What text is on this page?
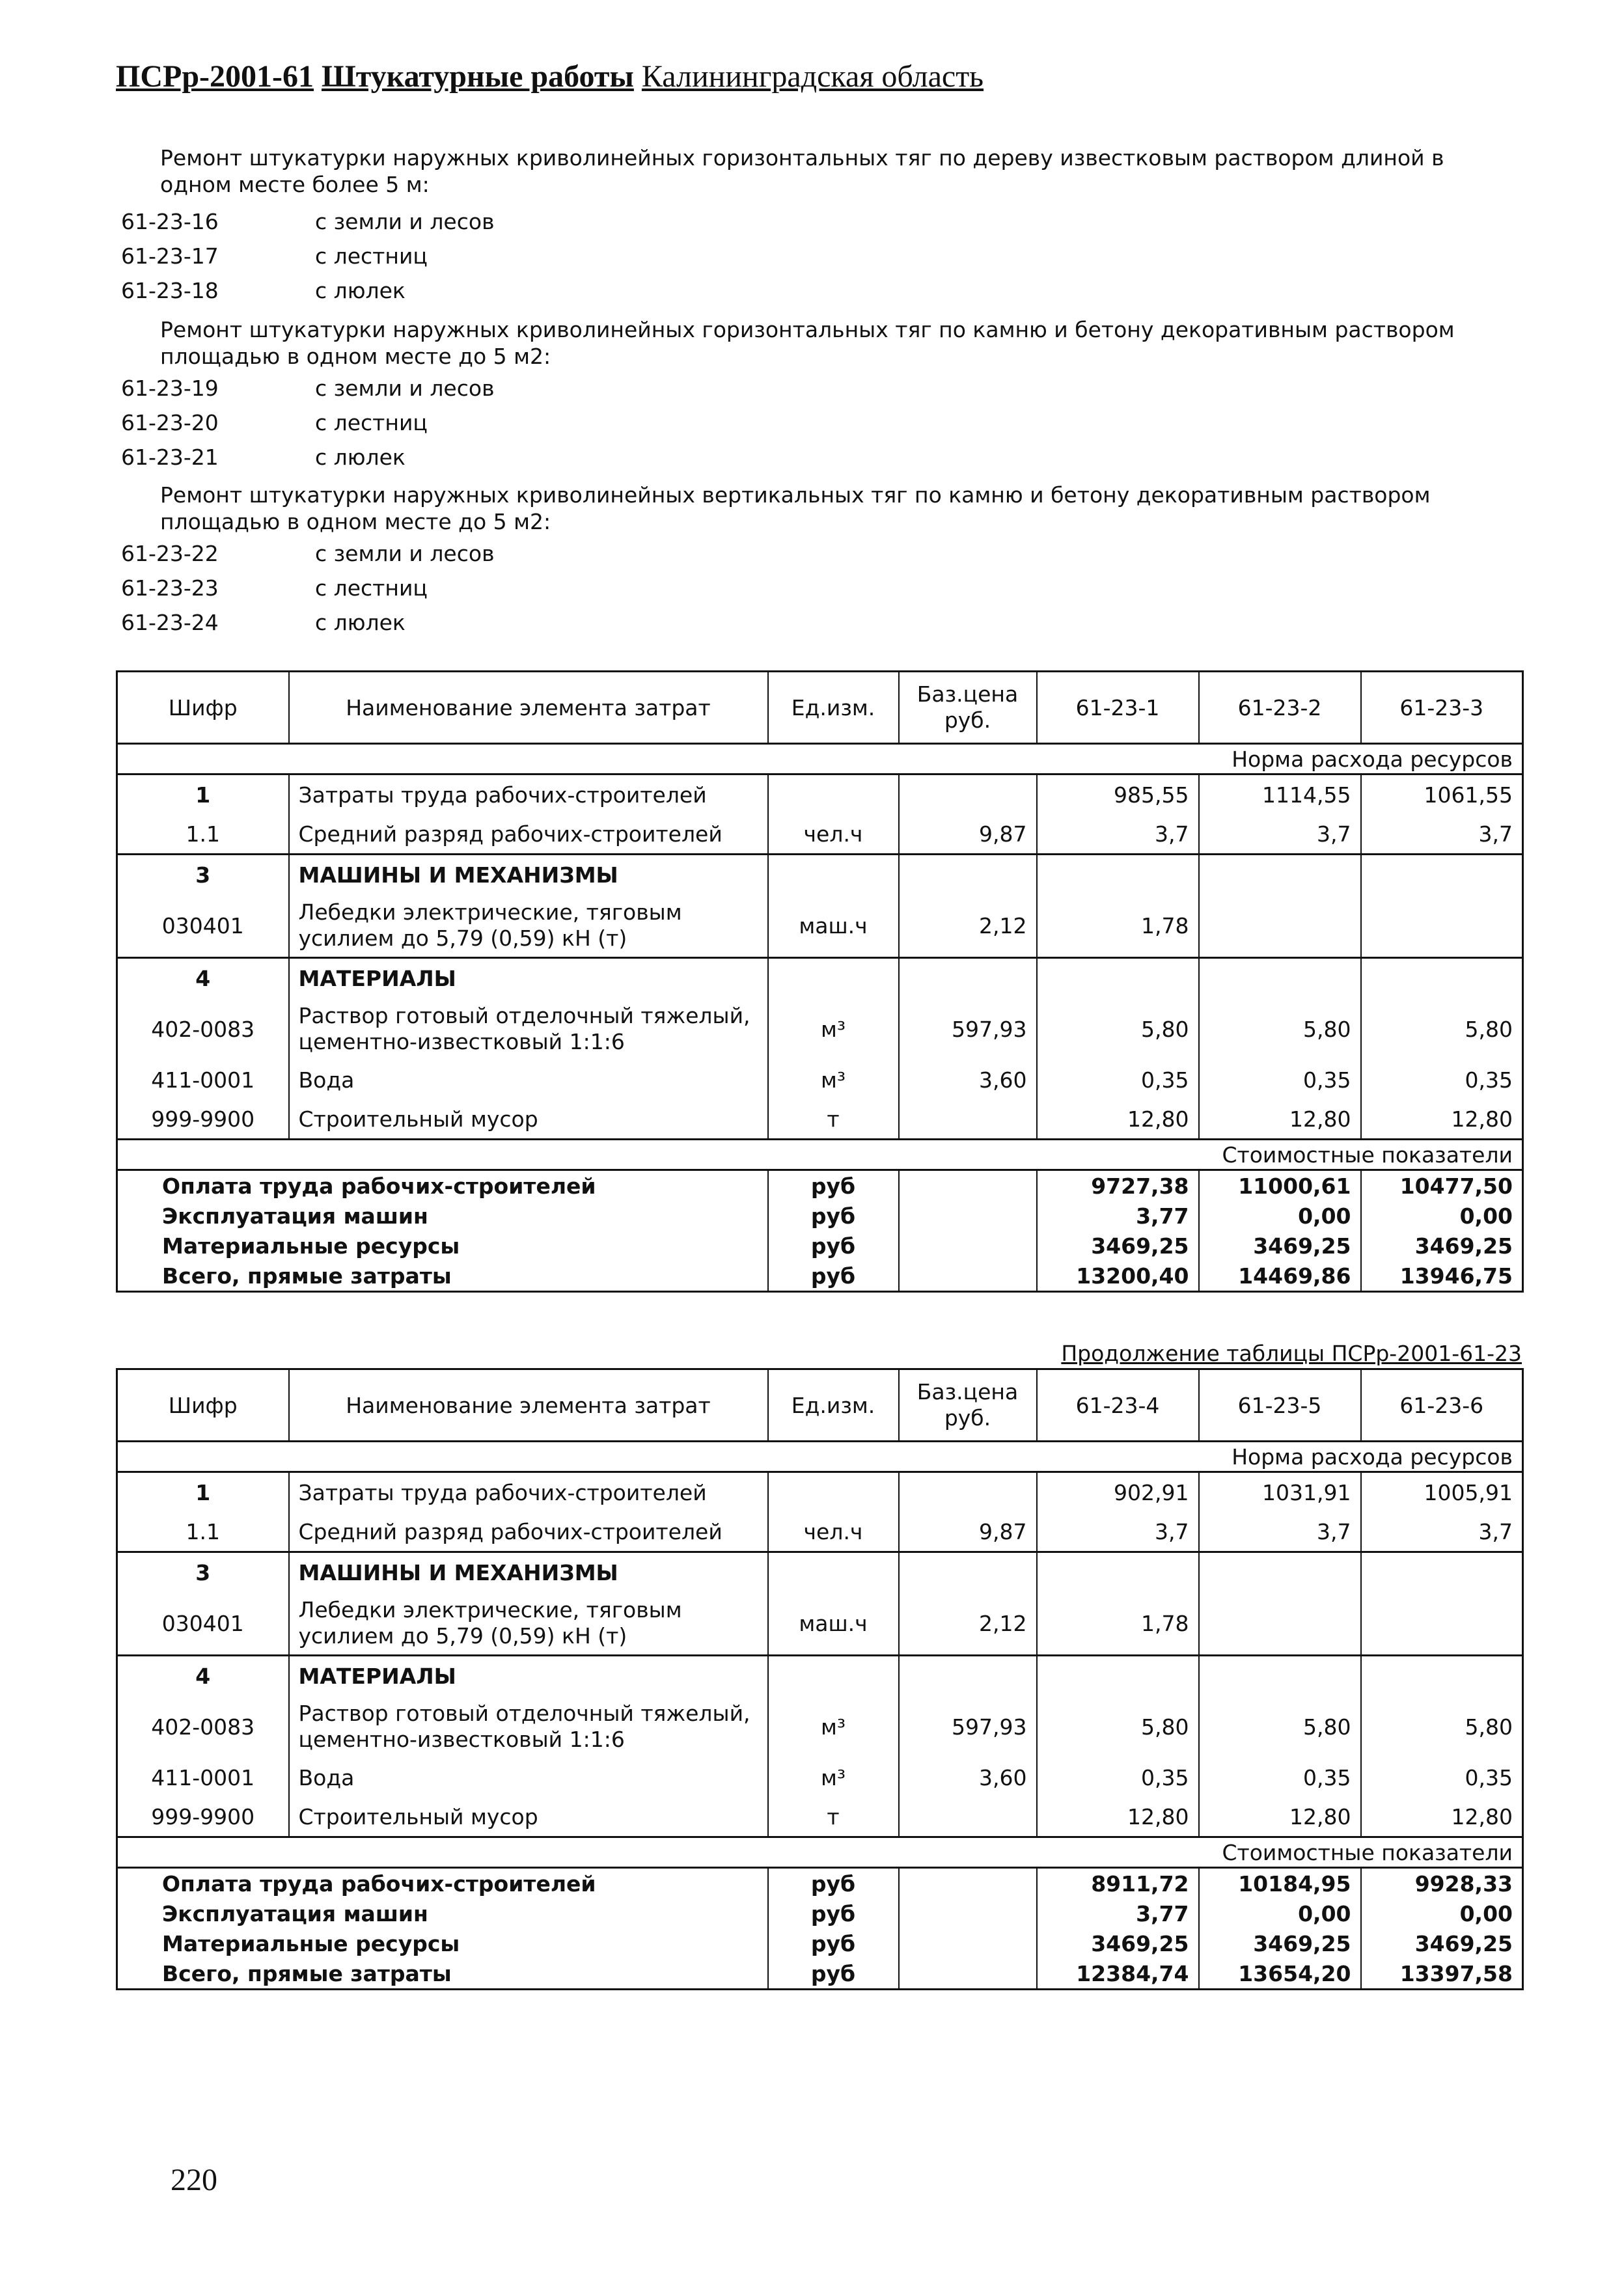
ПСРр-2001-61 Штукатурные работы Калининградская область
Ремонт штукатурки наружных криволинейных горизонтальных тяг по дереву известковым раствором длиной в одном месте более 5 м:
61-23-16	с земли и лесов
61-23-17	с лестниц
61-23-18	с люлек
Ремонт штукатурки наружных криволинейных горизонтальных тяг по камню и бетону декоративным раствором площадью в одном месте до 5 м2:
61-23-19	с земли и лесов
61-23-20	с лестниц
61-23-21	с люлек
Ремонт штукатурки наружных криволинейных вертикальных тяг по камню и бетону декоративным раствором площадью в одном месте до 5 м2:
61-23-22	с земли и лесов
61-23-23	с лестниц
61-23-24	с люлек
Шифр	Наименование элемента затрат	Ед.изм.	Баз.цена руб.	61-23-1	61-23-2	61-23-3
Норма расхода ресурсов						
1	Затраты труда рабочих-строителей			985,55	1114,55	1061,55
1.1	Средний разряд рабочих-строителей	чел.ч	9,87	3,7	3,7	3,7
3	МАШИНЫ И МЕХАНИЗМЫ					
030401	Лебедки электрические, тяговым усилием до 5,79 (0,59) кН (т)	маш.ч	2,12	1,78		
4	МАТЕРИАЛЫ					
402-0083	Раствор готовый отделочный тяжелый, цементно-известковый 1:1:6	м³	597,93	5,80	5,80	5,80
411-0001	Вода	м³	3,60	0,35	0,35	0,35
999-9900	Строительный мусор	т		12,80	12,80	12,80
Стоимостные показатели						
Оплата труда рабочих-строителей		руб		9727,38	11000,61	10477,50
Эксплуатация машин		руб		3,77	0,00	0,00
Материальные ресурсы		руб		3469,25	3469,25	3469,25
Всего, прямые затраты		руб		13200,40	14469,86	13946,75
Продолжение таблицы ПСРр-2001-61-23
Шифр	Наименование элемента затрат	Ед.изм.	Баз.цена руб.	61-23-4	61-23-5	61-23-6
Норма расхода ресурсов						
1	Затраты труда рабочих-строителей			902,91	1031,91	1005,91
1.1	Средний разряд рабочих-строителей	чел.ч	9,87	3,7	3,7	3,7
3	МАШИНЫ И МЕХАНИЗМЫ					
030401	Лебедки электрические, тяговым усилием до 5,79 (0,59) кН (т)	маш.ч	2,12	1,78		
4	МАТЕРИАЛЫ					
402-0083	Раствор готовый отделочный тяжелый, цементно-известковый 1:1:6	м³	597,93	5,80	5,80	5,80
411-0001	Вода	м³	3,60	0,35	0,35	0,35
999-9900	Строительный мусор	т		12,80	12,80	12,80
Стоимостные показатели						
Оплата труда рабочих-строителей		руб		8911,72	10184,95	9928,33
Эксплуатация машин		руб		3,77	0,00	0,00
Материальные ресурсы		руб		3469,25	3469,25	3469,25
Всего, прямые затраты		руб		12384,74	13654,20	13397,58
220
